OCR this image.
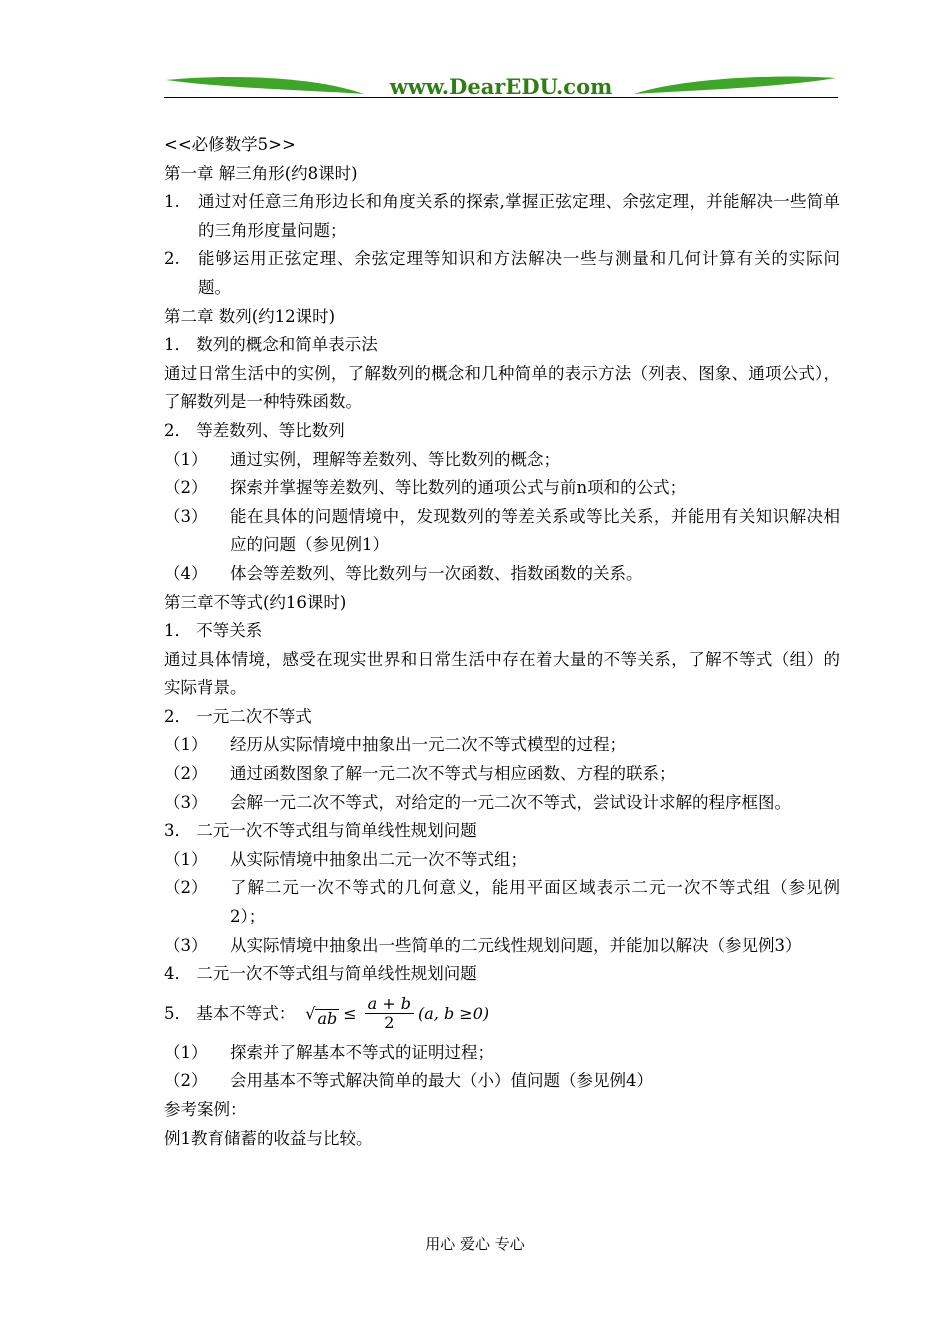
www.DearEDU.com
<<必修数学5>>
第一章 解三角形(约8课时)
1.	通过对任意三角形边长和角度关系的探索,掌握正弦定理、余弦定理，并能解决一些简单的三角形度量问题；
2.	能够运用正弦定理、余弦定理等知识和方法解决一些与测量和几何计算有关的实际问题。
第二章 数列(约12课时)
1． 数列的概念和简单表示法
通过日常生活中的实例，了解数列的概念和几种简单的表示方法（列表、图象、通项公式），了解数列是一种特殊函数。
2． 等差数列、等比数列
（1）	通过实例，理解等差数列、等比数列的概念；
（2）	探索并掌握等差数列、等比数列的通项公式与前n项和的公式；
（3）	能在具体的问题情境中，发现数列的等差关系或等比关系，并能用有关知识解决相应的问题（参见例1）
（4）	体会等差数列、等比数列与一次函数、指数函数的关系。
第三章不等式(约16课时)
1． 不等关系
通过具体情境，感受在现实世界和日常生活中存在着大量的不等关系，了解不等式（组）的实际背景。
2． 一元二次不等式
（1）	经历从实际情境中抽象出一元二次不等式模型的过程；
（2）	通过函数图象了解一元二次不等式与相应函数、方程的联系；
（3）	会解一元二次不等式，对给定的一元二次不等式，尝试设计求解的程序框图。
3． 二元一次不等式组与简单线性规划问题
（1）	从实际情境中抽象出二元一次不等式组；
（2）	了解二元一次不等式的几何意义，能用平面区域表示二元一次不等式组（参见例2）；
（3）	从实际情境中抽象出一些简单的二元线性规划问题，并能加以解决（参见例3）
4． 二元一次不等式组与简单线性规划问题
5． 基本不等式： √ ab ≤ $\frac{a + b}{2} (a$, b ≥0)
（1）	探索并了解基本不等式的证明过程；
（2）	会用基本不等式解决简单的最大（小）值问题（参见例4）
参考案例：
例1教育储蓄的收益与比较。
用心 爱心 专心
